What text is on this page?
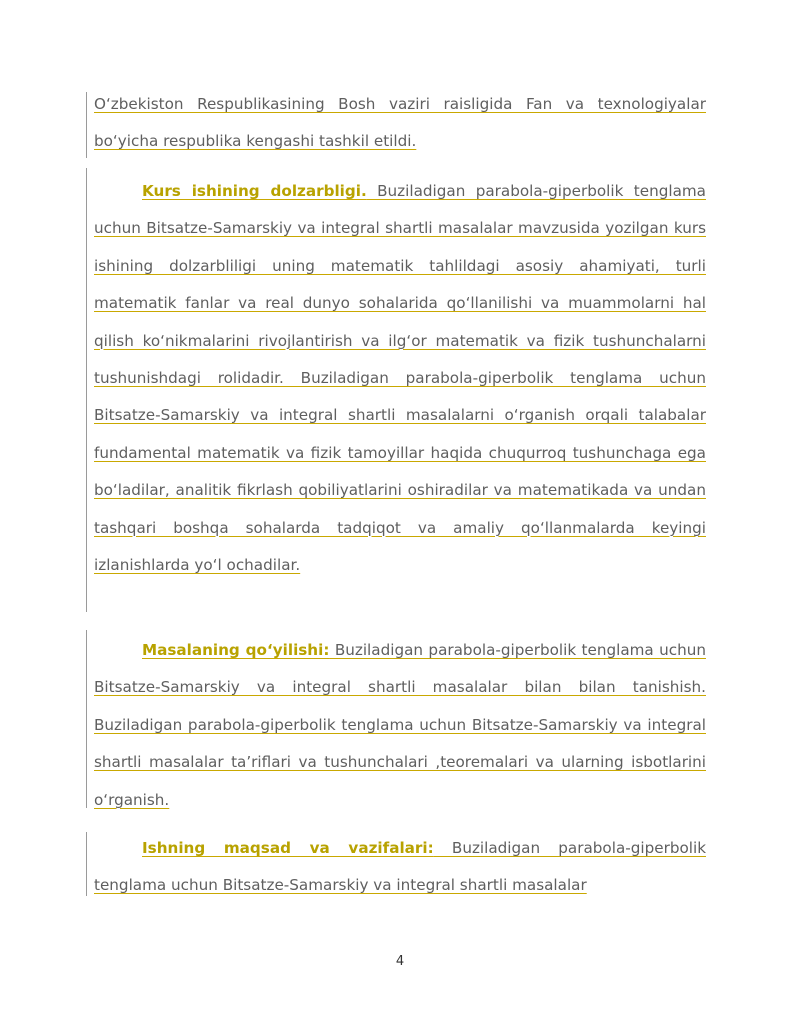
O‘zbekiston Respublikasining Bosh vaziri raisligida Fan va texnologiyalar bo‘yicha respublika kengashi tashkil etildi.
Kurs ishining dolzarbligi. Buziladigan parabola-giperbolik tenglama uchun Bitsatze-Samarskiy va integral shartli masalalar mavzusida yozilgan kurs ishining dolzarbliligi uning matematik tahlildagi asosiy ahamiyati, turli matematik fanlar va real dunyo sohalarida qo‘llanilishi va muammolarni hal qilish ko‘nikmalarini rivojlantirish va ilg‘or matematik va fizik tushunchalarni tushunishdagi rolidadir. Buziladigan parabola-giperbolik tenglama uchun Bitsatze-Samarskiy va integral shartli masalalarni o‘rganish orqali talabalar fundamental matematik va fizik tamoyillar haqida chuqurroq tushunchaga ega bo‘ladilar, analitik fikrlash qobiliyatlarini oshiradilar va matematikada va undan tashqari boshqa sohalarda tadqiqot va amaliy qo‘llanmalarda keyingi izlanishlarda yo‘l ochadilar.
Masalaning qo‘yilishi: Buziladigan parabola-giperbolik tenglama uchun Bitsatze-Samarskiy va integral shartli masalalar bilan bilan tanishish. Buziladigan parabola-giperbolik tenglama uchun Bitsatze-Samarskiy va integral shartli masalalar ta’riflari va tushunchalari ,teoremalari va ularning isbotlarini o‘rganish.
Ishning maqsad va vazifalari: Buziladigan parabola-giperbolik tenglama uchun Bitsatze-Samarskiy va integral shartli masalalar
4
